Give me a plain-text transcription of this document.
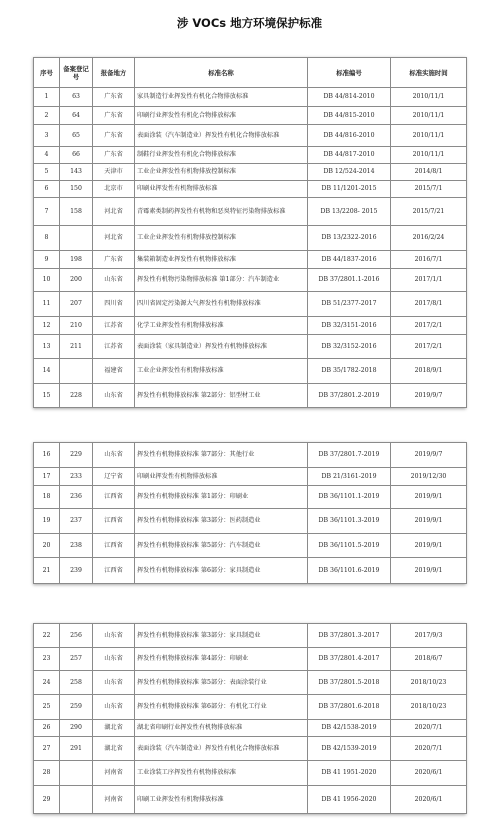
涉 VOCs 地方环境保护标准
序号	备案登记号	报备地方	标准名称	标准编号	标准实施时间
1	63	广东省	家具制造行业挥发性有机化合物排放标准	DB 44/814-2010	2010/11/1
2	64	广东省	印刷行业挥发性有机化合物排放标准	DB 44/815-2010	2010/11/1
3	65	广东省	表面涂装（汽车制造业）挥发性有机化合物排放标准	DB 44/816-2010	2010/11/1
4	66	广东省	制鞋行业挥发性有机化合物排放标准	DB 44/817-2010	2010/11/1
5	143	天津市	工业企业挥发性有机物排放控制标准	DB 12/524-2014	2014/8/1
6	150	北京市	印刷业挥发性有机物排放标准	DB 11/1201-2015	2015/7/1
7	158	河北省	青霉素类制药挥发性有机物和恶臭特征污染物排放标准	DB 13/2208- 2015	2015/7/21
8		河北省	工业企业挥发性有机物排放控制标准	DB 13/2322-2016	2016/2/24
9	198	广东省	集装箱制造业挥发性有机物排放标准	DB 44/1837-2016	2016/7/1
10	200	山东省	挥发性有机物污染物排放标准 第1部分：汽车制造业	DB 37/2801.1-2016	2017/1/1
11	207	四川省	四川省固定污染源大气挥发性有机物排放标准	DB 51/2377-2017	2017/8/1
12	210	江苏省	化学工业挥发性有机物排放标准	DB 32/3151-2016	2017/2/1
13	211	江苏省	表面涂装（家具制造业）挥发性有机物排放标准	DB 32/3152-2016	2017/2/1
14		福建省	工业企业挥发性有机物排放标准	DB 35/1782-2018	2018/9/1
15	228	山东省	挥发性有机物排放标准 第2部分：铝型材工业	DB 37/2801.2-2019	2019/9/7
16	229	山东省	挥发性有机物排放标准 第7部分：其他行业	DB 37/2801.7-2019	2019/9/7
17	233	辽宁省	印刷业挥发性有机物排放标准	DB 21/3161-2019	2019/12/30
18	236	江西省	挥发性有机物排放标准 第1部分：印刷业	DB 36/1101.1-2019	2019/9/1
19	237	江西省	挥发性有机物排放标准 第3部分：医药制造业	DB 36/1101.3-2019	2019/9/1
20	238	江西省	挥发性有机物排放标准 第5部分：汽车制造业	DB 36/1101.5-2019	2019/9/1
21	239	江西省	挥发性有机物排放标准 第6部分：家具制造业	DB 36/1101.6-2019	2019/9/1
22	256	山东省	挥发性有机物排放标准 第3部分：家具制造业	DB 37/2801.3-2017	2017/9/3
23	257	山东省	挥发性有机物排放标准 第4部分：印刷业	DB 37/2801.4-2017	2018/6/7
24	258	山东省	挥发性有机物排放标准 第5部分：表面涂装行业	DB 37/2801.5-2018	2018/10/23
25	259	山东省	挥发性有机物排放标准 第6部分：有机化工行业	DB 37/2801.6-2018	2018/10/23
26	290	湖北省	湖北省印刷行业挥发性有机物排放标准	DB 42/1538-2019	2020/7/1
27	291	湖北省	表面涂装（汽车制造业）挥发性有机化合物排放标准	DB 42/1539-2019	2020/7/1
28		河南省	工业涂装工序挥发性有机物排放标准	DB 41 1951-2020	2020/6/1
29		河南省	印刷工业挥发性有机物排放标准	DB 41 1956-2020	2020/6/1
